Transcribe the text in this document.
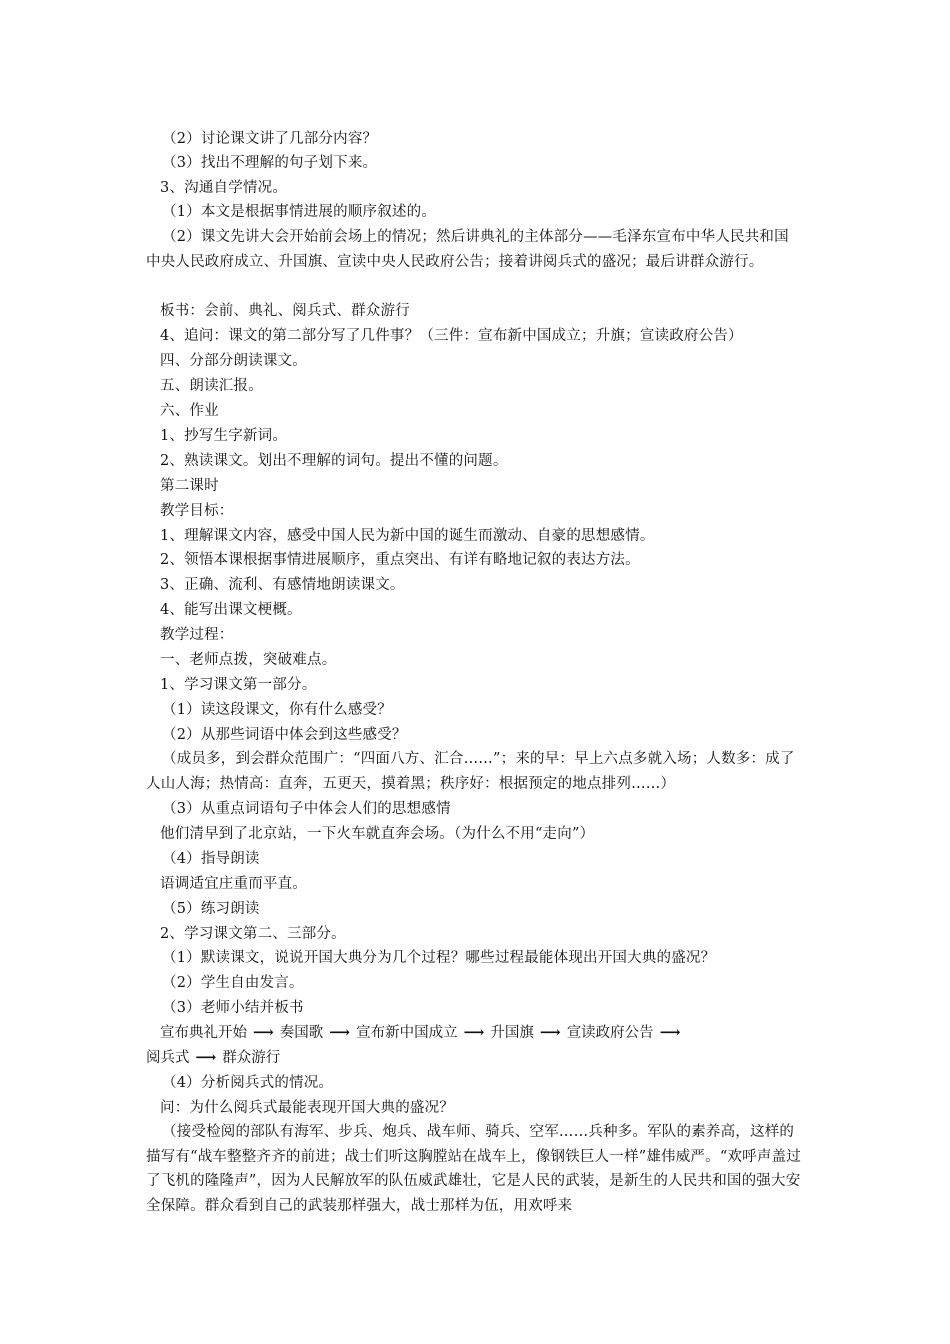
（2）讨论课文讲了几部分内容？
（3）找出不理解的句子划下来。
3、沟通自学情况。
（1）本文是根据事情进展的顺序叙述的。
（2）课文先讲大会开始前会场上的情况；然后讲典礼的主体部分——毛泽东宣布中华人民共和国中央人民政府成立、升国旗、宣读中央人民政府公告；接着讲阅兵式的盛况；最后讲群众游行。
板书：会前、典礼、阅兵式、群众游行
4、追问：课文的第二部分写了几件事？（三件：宣布新中国成立；升旗；宣读政府公告）
四、分部分朗读课文。
五、朗读汇报。
六、作业
1、抄写生字新词。
2、熟读课文。划出不理解的词句。提出不懂的问题。
第二课时
教学目标：
1、理解课文内容，感受中国人民为新中国的诞生而激动、自豪的思想感情。
2、领悟本课根据事情进展顺序，重点突出、有详有略地记叙的表达方法。
3、正确、流利、有感情地朗读课文。
4、能写出课文梗概。
教学过程：
一、老师点拨，突破难点。
1、学习课文第一部分。
（1）读这段课文，你有什么感受？
（2）从那些词语中体会到这些感受？
（成员多，到会群众范围广：“四面八方、汇合……”；来的早：早上六点多就入场；人数多：成了人山人海；热情高：直奔，五更天，摸着黑；秩序好：根据预定的地点排列……）
（3）从重点词语句子中体会人们的思想感情
他们清早到了北京站，一下火车就直奔会场。（为什么不用“走向”）
（4）指导朗读
语调适宜庄重而平直。
（5）练习朗读
2、学习课文第二、三部分。
（1）默读课文，说说开国大典分为几个过程？哪些过程最能体现出开国大典的盛况？
（2）学生自由发言。
（3）老师小结并板书
宣布典礼开始 ⟶ 奏国歌 ⟶ 宣布新中国成立 ⟶ 升国旗 ⟶ 宣读政府公告 ⟶
阅兵式 ⟶ 群众游行
（4）分析阅兵式的情况。
问：为什么阅兵式最能表现开国大典的盛况？
（接受检阅的部队有海军、步兵、炮兵、战车师、骑兵、空军……兵种多。军队的素养高，这样的描写有“战车整整齐齐的前进；战士们听这胸膛站在战车上，像钢铁巨人一样”雄伟威严。“欢呼声盖过了飞机的隆隆声”，因为人民解放军的队伍威武雄壮，它是人民的武装，是新生的人民共和国的强大安全保障。群众看到自己的武装那样强大，战士那样为伍，用欢呼来
